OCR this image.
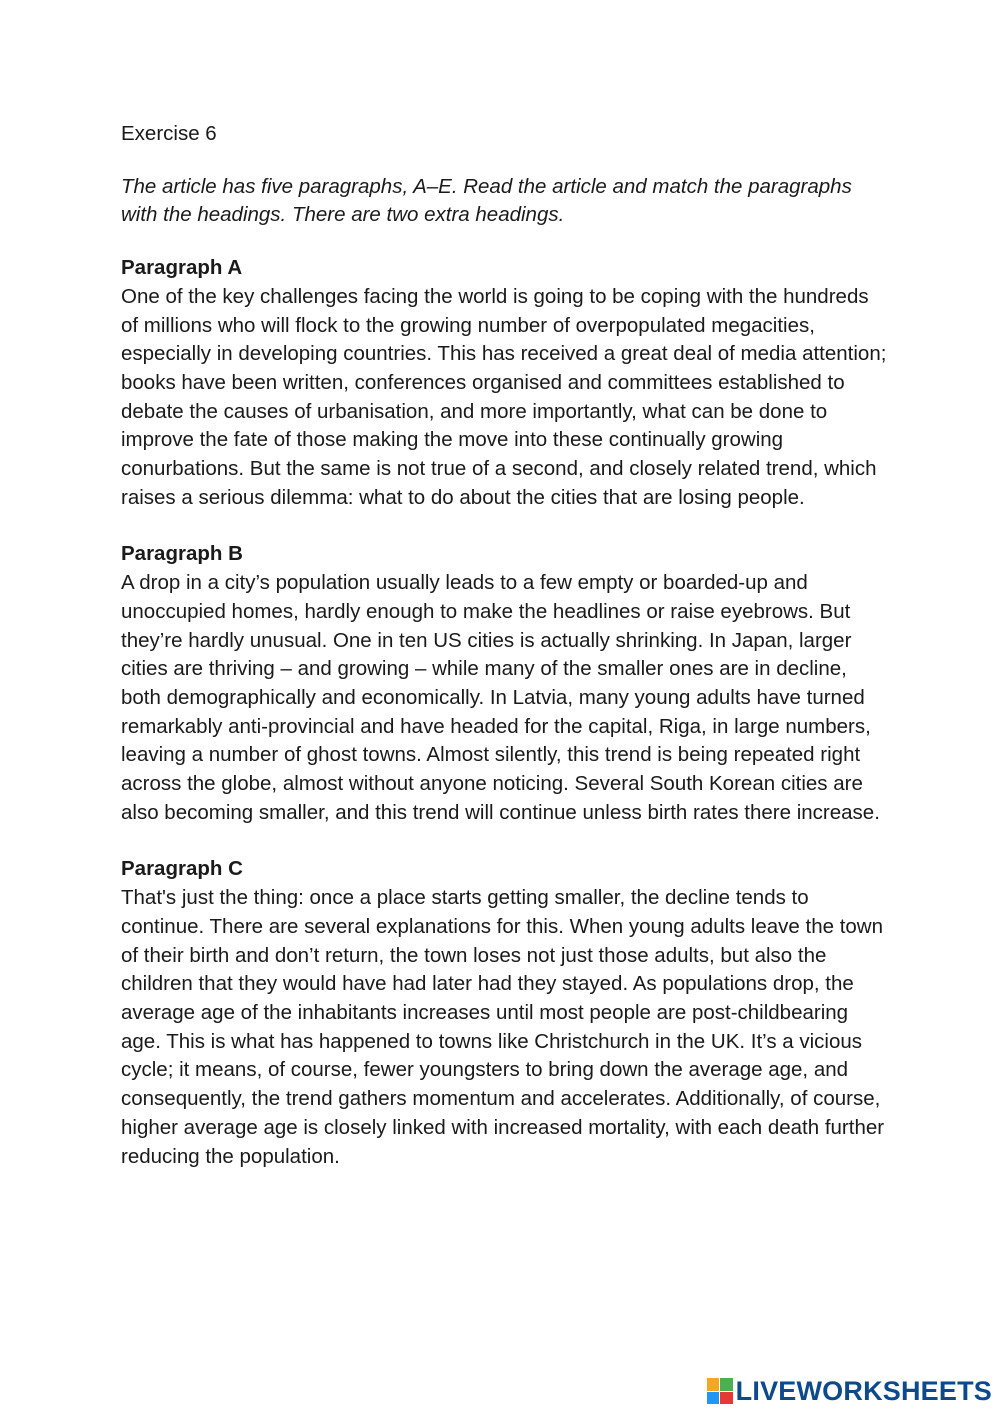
Exercise 6

The article has five paragraphs, A–E. Read the article and match the paragraphs with the headings. There are two extra headings.

Paragraph A

One of the key challenges facing the world is going to be coping with the hundreds of millions who will flock to the growing number of overpopulated megacities, especially in developing countries. This has received a great deal of media attention; books have been written, conferences organised and committees established to debate the causes of urbanisation, and more importantly, what can be done to improve the fate of those making the move into these continually growing conurbations. But the same is not true of a second, and closely related trend, which raises a serious dilemma: what to do about the cities that are losing people.

Paragraph B

A drop in a city’s population usually leads to a few empty or boarded-up and unoccupied homes, hardly enough to make the headlines or raise eyebrows. But they’re hardly unusual. One in ten US cities is actually shrinking. In Japan, larger cities are thriving – and growing – while many of the smaller ones are in decline, both demographically and economically. In Latvia, many young adults have turned remarkably anti-provincial and have headed for the capital, Riga, in large numbers, leaving a number of ghost towns. Almost silently, this trend is being repeated right across the globe, almost without anyone noticing. Several South Korean cities are also becoming smaller, and this trend will continue unless birth rates there increase.

Paragraph C

That's just the thing: once a place starts getting smaller, the decline tends to continue. There are several explanations for this. When young adults leave the town of their birth and don’t return, the town loses not just those adults, but also the children that they would have had later had they stayed. As populations drop, the average age of the inhabitants increases until most people are post-childbearing age. This is what has happened to towns like Christchurch in the UK. It’s a vicious cycle; it means, of course, fewer youngsters to bring down the average age, and consequently, the trend gathers momentum and accelerates. Additionally, of course, higher average age is closely linked with increased mortality, with each death further reducing the population.

LIVEWORKSHEETS
